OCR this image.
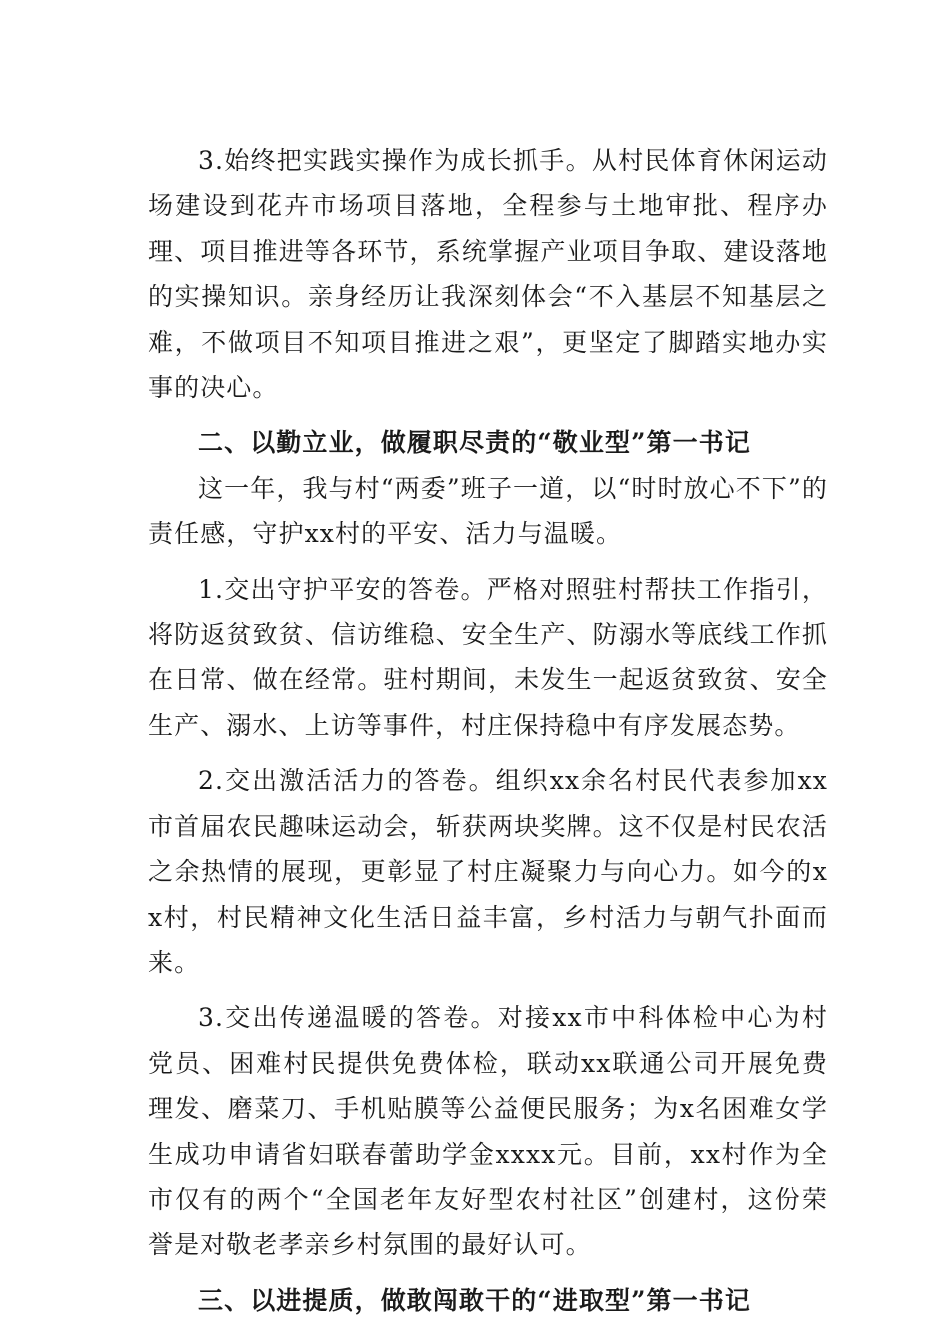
3.始终把实践实操作为成长抓手。从村民体育休闲运动场建设到花卉市场项目落地，全程参与土地审批、程序办理、项目推进等各环节，系统掌握产业项目争取、建设落地的实操知识。亲身经历让我深刻体会“不入基层不知基层之难，不做项目不知项目推进之艰”，更坚定了脚踏实地办实事的决心。

二、以勤立业，做履职尽责的“敬业型”第一书记

这一年，我与村“两委”班子一道，以“时时放心不下”的责任感，守护xx村的平安、活力与温暖。

1.交出守护平安的答卷。严格对照驻村帮扶工作指引，将防返贫致贫、信访维稳、安全生产、防溺水等底线工作抓在日常、做在经常。驻村期间，未发生一起返贫致贫、安全生产、溺水、上访等事件，村庄保持稳中有序发展态势。

2.交出激活活力的答卷。组织xx余名村民代表参加xx市首届农民趣味运动会，斩获两块奖牌。这不仅是村民农活之余热情的展现，更彰显了村庄凝聚力与向心力。如今的xx村，村民精神文化生活日益丰富，乡村活力与朝气扑面而来。

3.交出传递温暖的答卷。对接xx市中科体检中心为村党员、困难村民提供免费体检，联动xx联通公司开展免费理发、磨菜刀、手机贴膜等公益便民服务；为x名困难女学生成功申请省妇联春蕾助学金xxxx元。目前，xx村作为全市仅有的两个“全国老年友好型农村社区”创建村，这份荣誉是对敬老孝亲乡村氛围的最好认可。

三、以进提质，做敢闯敢干的“进取型”第一书记
